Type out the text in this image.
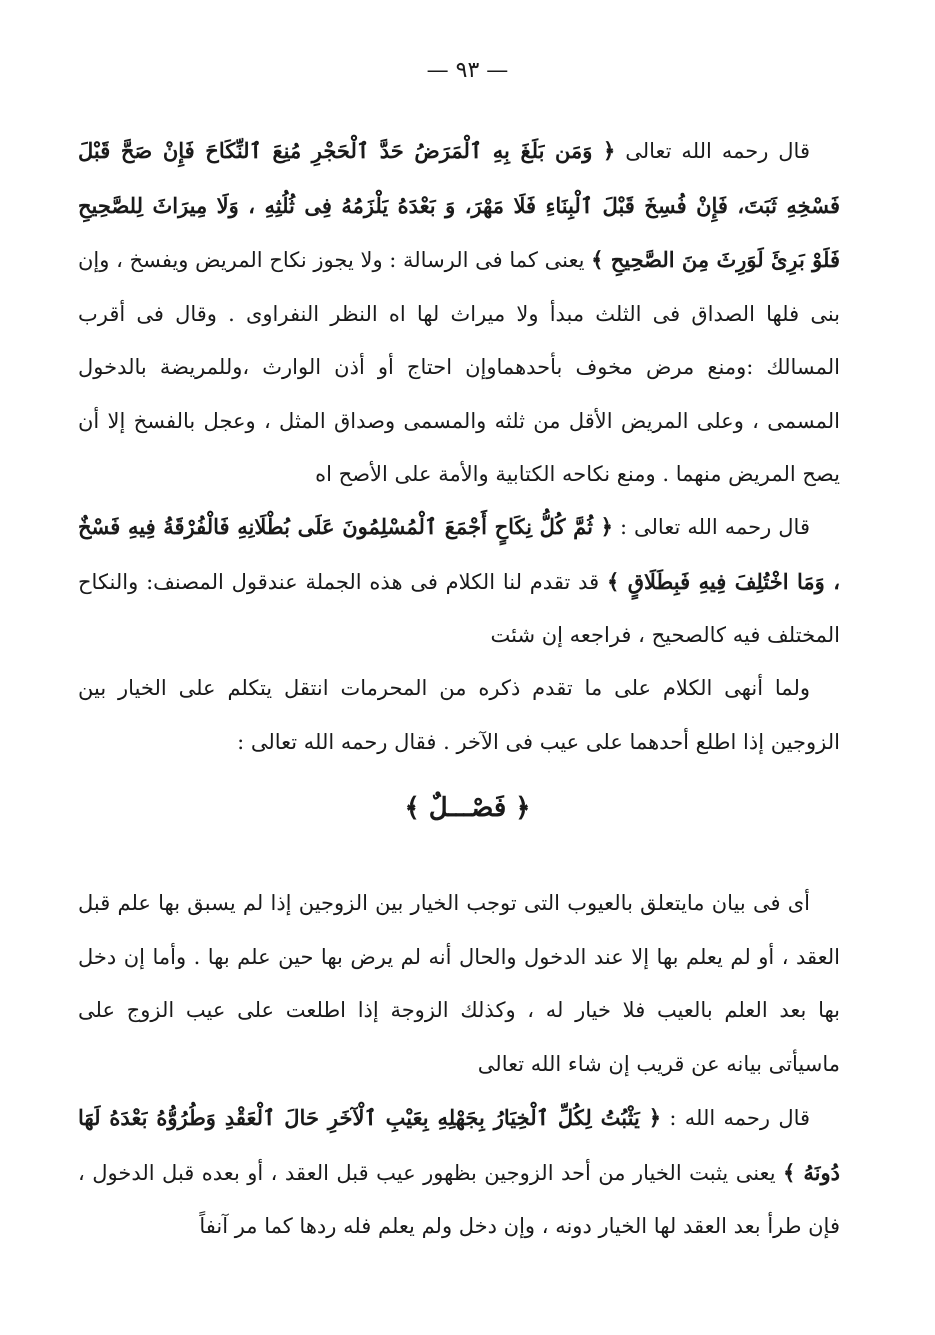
— ٩٣ —

قال رحمه الله تعالى ﴿ وَمَن بَلَغَ بِهِ ٱلْمَرَضُ حَدَّ ٱلْحَجْرِ مُنِعَ ٱلنِّكَاحَ فَإِنْ صَحَّ قَبْلَ فَسْخِهِ ثَبَتَ، فَإِنْ فُسِخَ قَبْلَ ٱلْبِنَاءِ فَلَا مَهْرَ، وَ بَعْدَهُ يَلْزَمُهُ فِى ثُلُثِهِ ، وَلَا مِيرَاثَ لِلصَّحِيحِ فَلَوْ بَرِئَ لَوَرِثَ مِنَ الصَّحِيحِ ﴾ يعنى كما فى الرسالة : ولا يجوز نكاح المريض ويفسخ ، وإن بنى فلها الصداق فى الثلث مبدأ ولا ميراث لها اه النظر النفراوى . وقال فى أقرب المسالك :ومنع مرض مخوف بأحدهماوإن احتاج أو أذن الوارث ،وللمريضة بالدخول المسمى ، وعلى المريض الأقل من ثلثه والمسمى وصداق المثل ، وعجل بالفسخ إلا أن يصح المريض منهما . ومنع نكاحه الكتابية والأمة على الأصح اه

قال رحمه الله تعالى : ﴿ ثُمَّ كُلُّ نِكَاحٍ أَجْمَعَ ٱلْمُسْلِمُونَ عَلَى بُطْلَانِهِ فَالْفُرْقَةُ فِيهِ فَسْخٌ ، وَمَا اخْتُلِفَ فِيهِ فَبِطَلَاقٍ ﴾ قد تقدم لنا الكلام فى هذه الجملة عندقول المصنف: والنكاح المختلف فيه كالصحيح ، فراجعه إن شئت

ولما أنهى الكلام على ما تقدم ذكره من المحرمات انتقل يتكلم على الخيار بين الزوجين إذا اطلع أحدهما على عيب فى الآخر . فقال رحمه الله تعالى :

﴿ فَصْـــلٌ ﴾

أى فى بيان مايتعلق بالعيوب التى توجب الخيار بين الزوجين إذا لم يسبق بها علم قبل العقد ، أو لم يعلم بها إلا عند الدخول والحال أنه لم يرض بها حين علم بها . وأما إن دخل بها بعد العلم بالعيب فلا خيار له ، وكذلك الزوجة إذا اطلعت على عيب الزوج على ماسيأتى بيانه عن قريب إن شاء الله تعالى

قال رحمه الله : ﴿ يَثْبُتُ لِكُلِّ ٱلْخِيَارُ بِجَهْلِهِ بِعَيْبِ ٱلْآخَرِ حَالَ ٱلْعَقْدِ وَطُرُوُّهُ بَعْدَهُ لَهَا دُونَهُ ﴾ يعنى يثبت الخيار من أحد الزوجين بظهور عيب قبل العقد ، أو بعده قبل الدخول ، فإن طرأ بعد العقد لها الخيار دونه ، وإن دخل ولم يعلم فله ردها كما مر آنفاً
